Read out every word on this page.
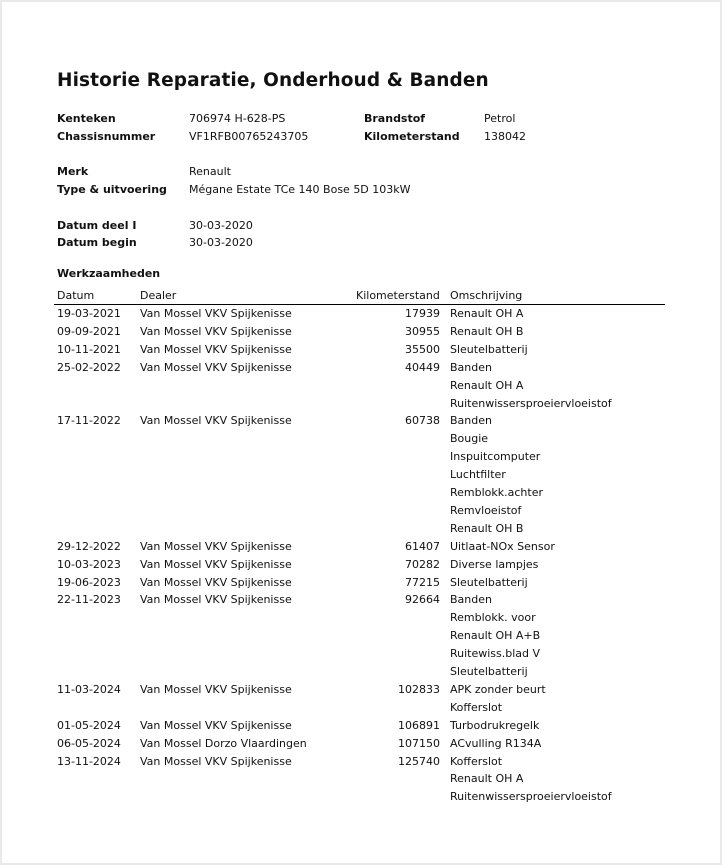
Historie Reparatie, Onderhoud & Banden
Kenteken	706974 H-628-PS	Brandstof	Petrol
Chassisnummer	VF1RFB00765243705	Kilometerstand 138042
Merk	Renault
Type & uitvoering Mégane Estate TCe 140 Bose 5D 103kW
Datum deel I	30-03-2020
Datum begin	30-03-2020
Werkzaamheden
Datum	Dealer	Kilometerstand Omschrijving
19-03-2021 Van Mossel VKV Spijkenisse	17939 Renault OH A
09-09-2021 Van Mossel VKV Spijkenisse	30955 Renault OH B
10-11-2021 Van Mossel VKV Spijkenisse	35500 Sleutelbatterij
25-02-2022 Van Mossel VKV Spijkenisse	40449 Banden
Renault OH A
Ruitenwissersproeiervloeistof
17-11-2022 Van Mossel VKV Spijkenisse	60738 Banden
Bougie
Inspuitcomputer
Luchtfilter
Remblokk.achter
Remvloeistof
Renault OH B
29-12-2022 Van Mossel VKV Spijkenisse	61407 Uitlaat-NOx Sensor
10-03-2023 Van Mossel VKV Spijkenisse	70282 Diverse lampjes
19-06-2023 Van Mossel VKV Spijkenisse	77215 Sleutelbatterij
22-11-2023 Van Mossel VKV Spijkenisse	92664 Banden
Remblokk. voor
Renault OH A+B
Ruitewiss.blad V
Sleutelbatterij
11-03-2024 Van Mossel VKV Spijkenisse	102833 APK zonder beurt
Kofferslot
01-05-2024 Van Mossel VKV Spijkenisse	106891 Turbodrukregelk
06-05-2024 Van Mossel Dorzo Vlaardingen	107150 ACvulling R134A
13-11-2024 Van Mossel VKV Spijkenisse	125740 Kofferslot
Renault OH A
Ruitenwissersproeiervloeistof
